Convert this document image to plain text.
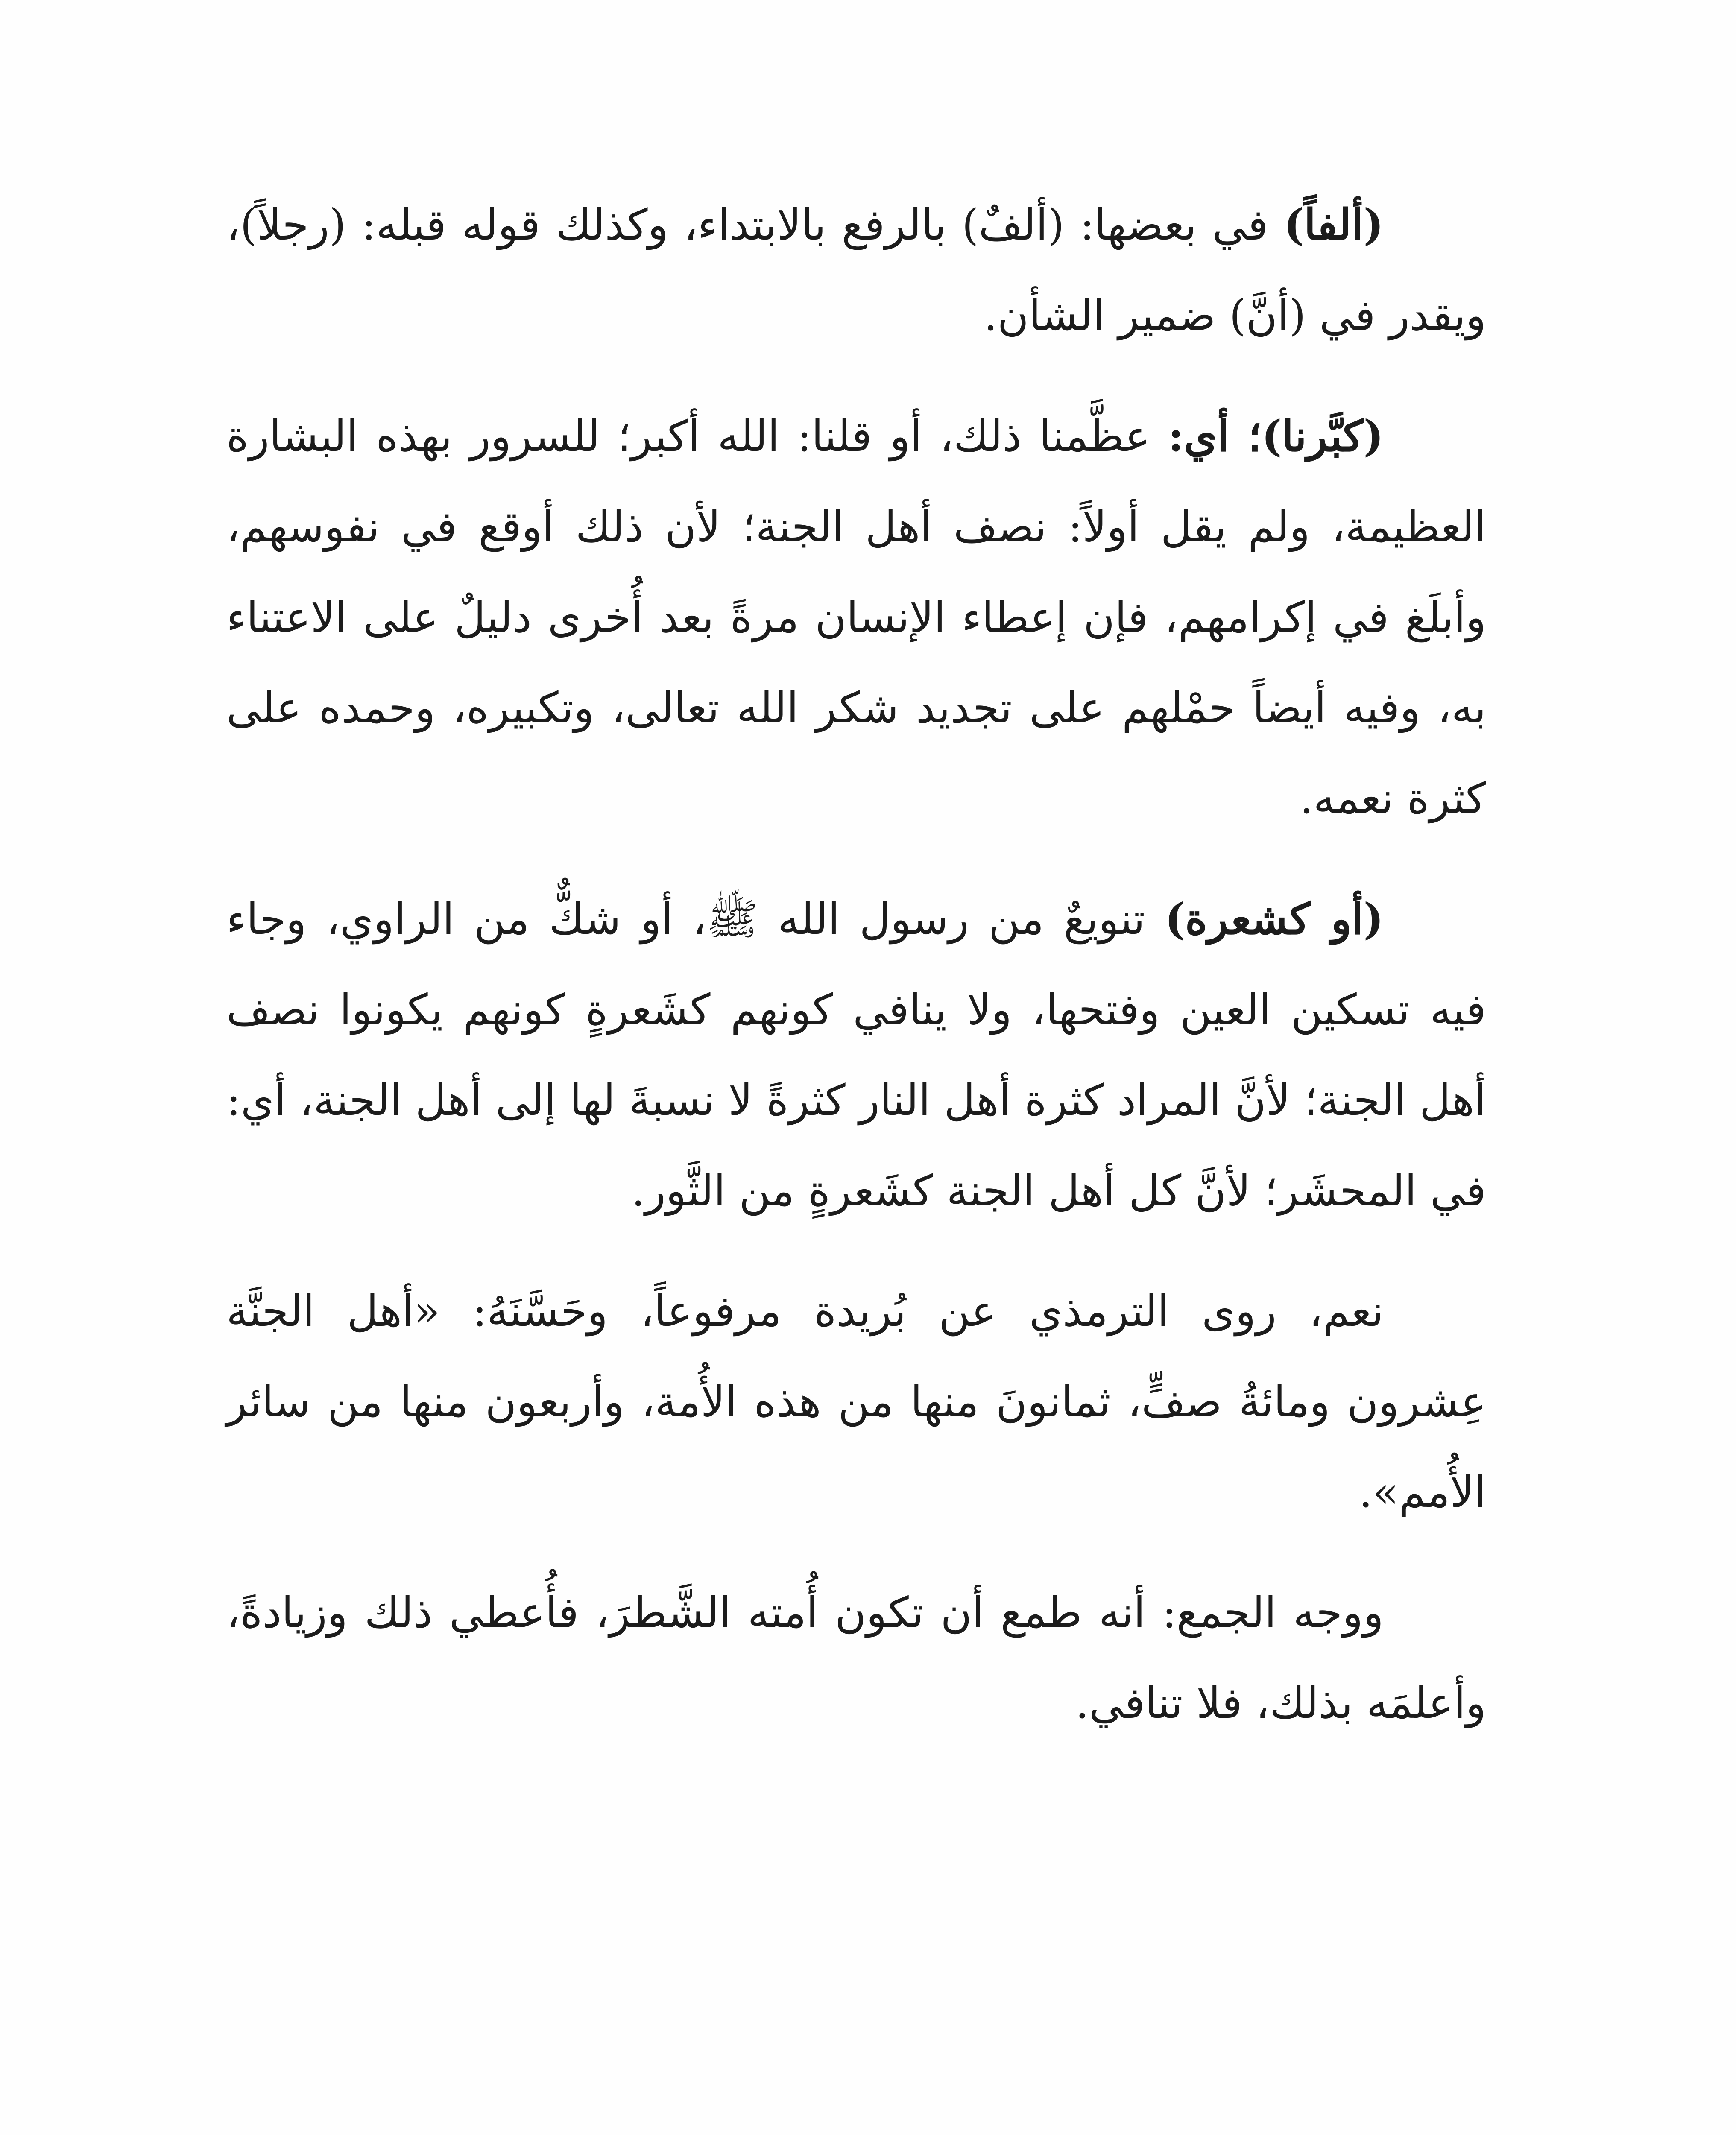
(ألفاً) في بعضها: (ألفٌ) بالرفع بالابتداء، وكذلك قوله قبله: (رجلاً)، ويقدر في (أنَّ) ضمير الشأن.

(كبَّرنا)؛ أي: عظَّمنا ذلك، أو قلنا: الله أكبر؛ للسرور بهذه البشارة العظيمة، ولم يقل أولاً: نصف أهل الجنة؛ لأن ذلك أوقع في نفوسهم، وأبلَغ في إكرامهم، فإن إعطاء الإنسان مرةً بعد أُخرى دليلٌ على الاعتناء به، وفيه أيضاً حمْلهم على تجديد شكر الله تعالى، وتكبيره، وحمده على كثرة نعمه.

(أو كشعرة) تنويعٌ من رسول الله ﷺ، أو شكٌّ من الراوي، وجاء فيه تسكين العين وفتحها، ولا ينافي كونهم كشَعرةٍ كونهم يكونوا نصف أهل الجنة؛ لأنَّ المراد كثرة أهل النار كثرةً لا نسبةَ لها إلى أهل الجنة، أي: في المحشَر؛ لأنَّ كل أهل الجنة كشَعرةٍ من الثَّور.

نعم، روى الترمذي عن بُريدة مرفوعاً، وحَسَّنَهُ: «أهل الجنَّة عِشرون ومائةُ صفٍّ، ثمانونَ منها من هذه الأُمة، وأربعون منها من سائر الأُمم».

ووجه الجمع: أنه طمع أن تكون أُمته الشَّطرَ، فأُعطي ذلك وزيادةً، وأعلمَه بذلك، فلا تنافي.
